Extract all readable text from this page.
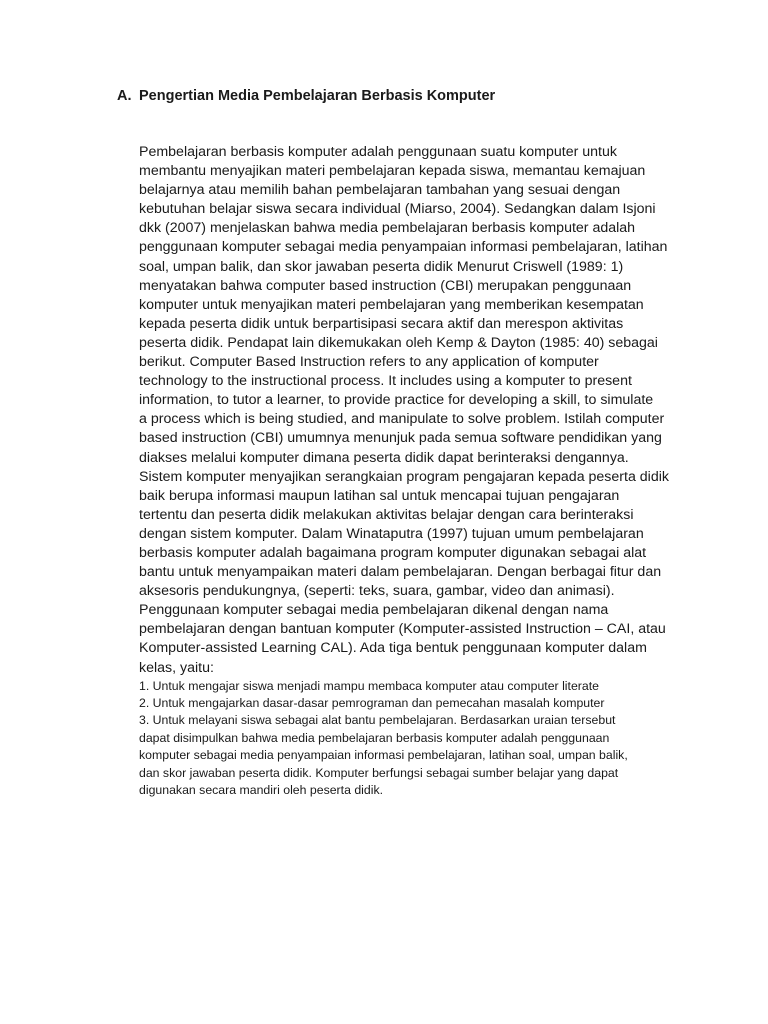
A. Pengertian Media Pembelajaran Berbasis Komputer
Pembelajaran berbasis komputer adalah penggunaan suatu komputer untuk
membantu menyajikan materi pembelajaran kepada siswa, memantau kemajuan
belajarnya atau memilih bahan pembelajaran tambahan yang sesuai dengan
kebutuhan belajar siswa secara individual (Miarso, 2004). Sedangkan dalam Isjoni
dkk (2007) menjelaskan bahwa media pembelajaran berbasis komputer adalah
penggunaan komputer sebagai media penyampaian informasi pembelajaran, latihan
soal, umpan balik, dan skor jawaban peserta didik Menurut Criswell (1989: 1)
menyatakan bahwa computer based instruction (CBI) merupakan penggunaan
komputer untuk menyajikan materi pembelajaran yang memberikan kesempatan
kepada peserta didik untuk berpartisipasi secara aktif dan merespon aktivitas
peserta didik. Pendapat lain dikemukakan oleh Kemp & Dayton (1985: 40) sebagai
berikut. Computer Based Instruction refers to any application of komputer
technology to the instructional process. It includes using a komputer to present
information, to tutor a learner, to provide practice for developing a skill, to simulate
a process which is being studied, and manipulate to solve problem. Istilah computer
based instruction (CBI) umumnya menunjuk pada semua software pendidikan yang
diakses melalui komputer dimana peserta didik dapat berinteraksi dengannya.
Sistem komputer menyajikan serangkaian program pengajaran kepada peserta didik
baik berupa informasi maupun latihan sal untuk mencapai tujuan pengajaran
tertentu dan peserta didik melakukan aktivitas belajar dengan cara berinteraksi
dengan sistem komputer. Dalam Winataputra (1997) tujuan umum pembelajaran
berbasis komputer adalah bagaimana program komputer digunakan sebagai alat
bantu untuk menyampaikan materi dalam pembelajaran. Dengan berbagai fitur dan
aksesoris pendukungnya, (seperti: teks, suara, gambar, video dan animasi).
Penggunaan komputer sebagai media pembelajaran dikenal dengan nama
pembelajaran dengan bantuan komputer (Komputer-assisted Instruction – CAI, atau
Komputer-assisted Learning CAL). Ada tiga bentuk penggunaan komputer dalam
kelas, yaitu:
1. Untuk mengajar siswa menjadi mampu membaca komputer atau computer literate
2. Untuk mengajarkan dasar-dasar pemrograman dan pemecahan masalah komputer
3. Untuk melayani siswa sebagai alat bantu pembelajaran. Berdasarkan uraian tersebut
dapat disimpulkan bahwa media pembelajaran berbasis komputer adalah penggunaan
komputer sebagai media penyampaian informasi pembelajaran, latihan soal, umpan balik,
dan skor jawaban peserta didik. Komputer berfungsi sebagai sumber belajar yang dapat
digunakan secara mandiri oleh peserta didik.
